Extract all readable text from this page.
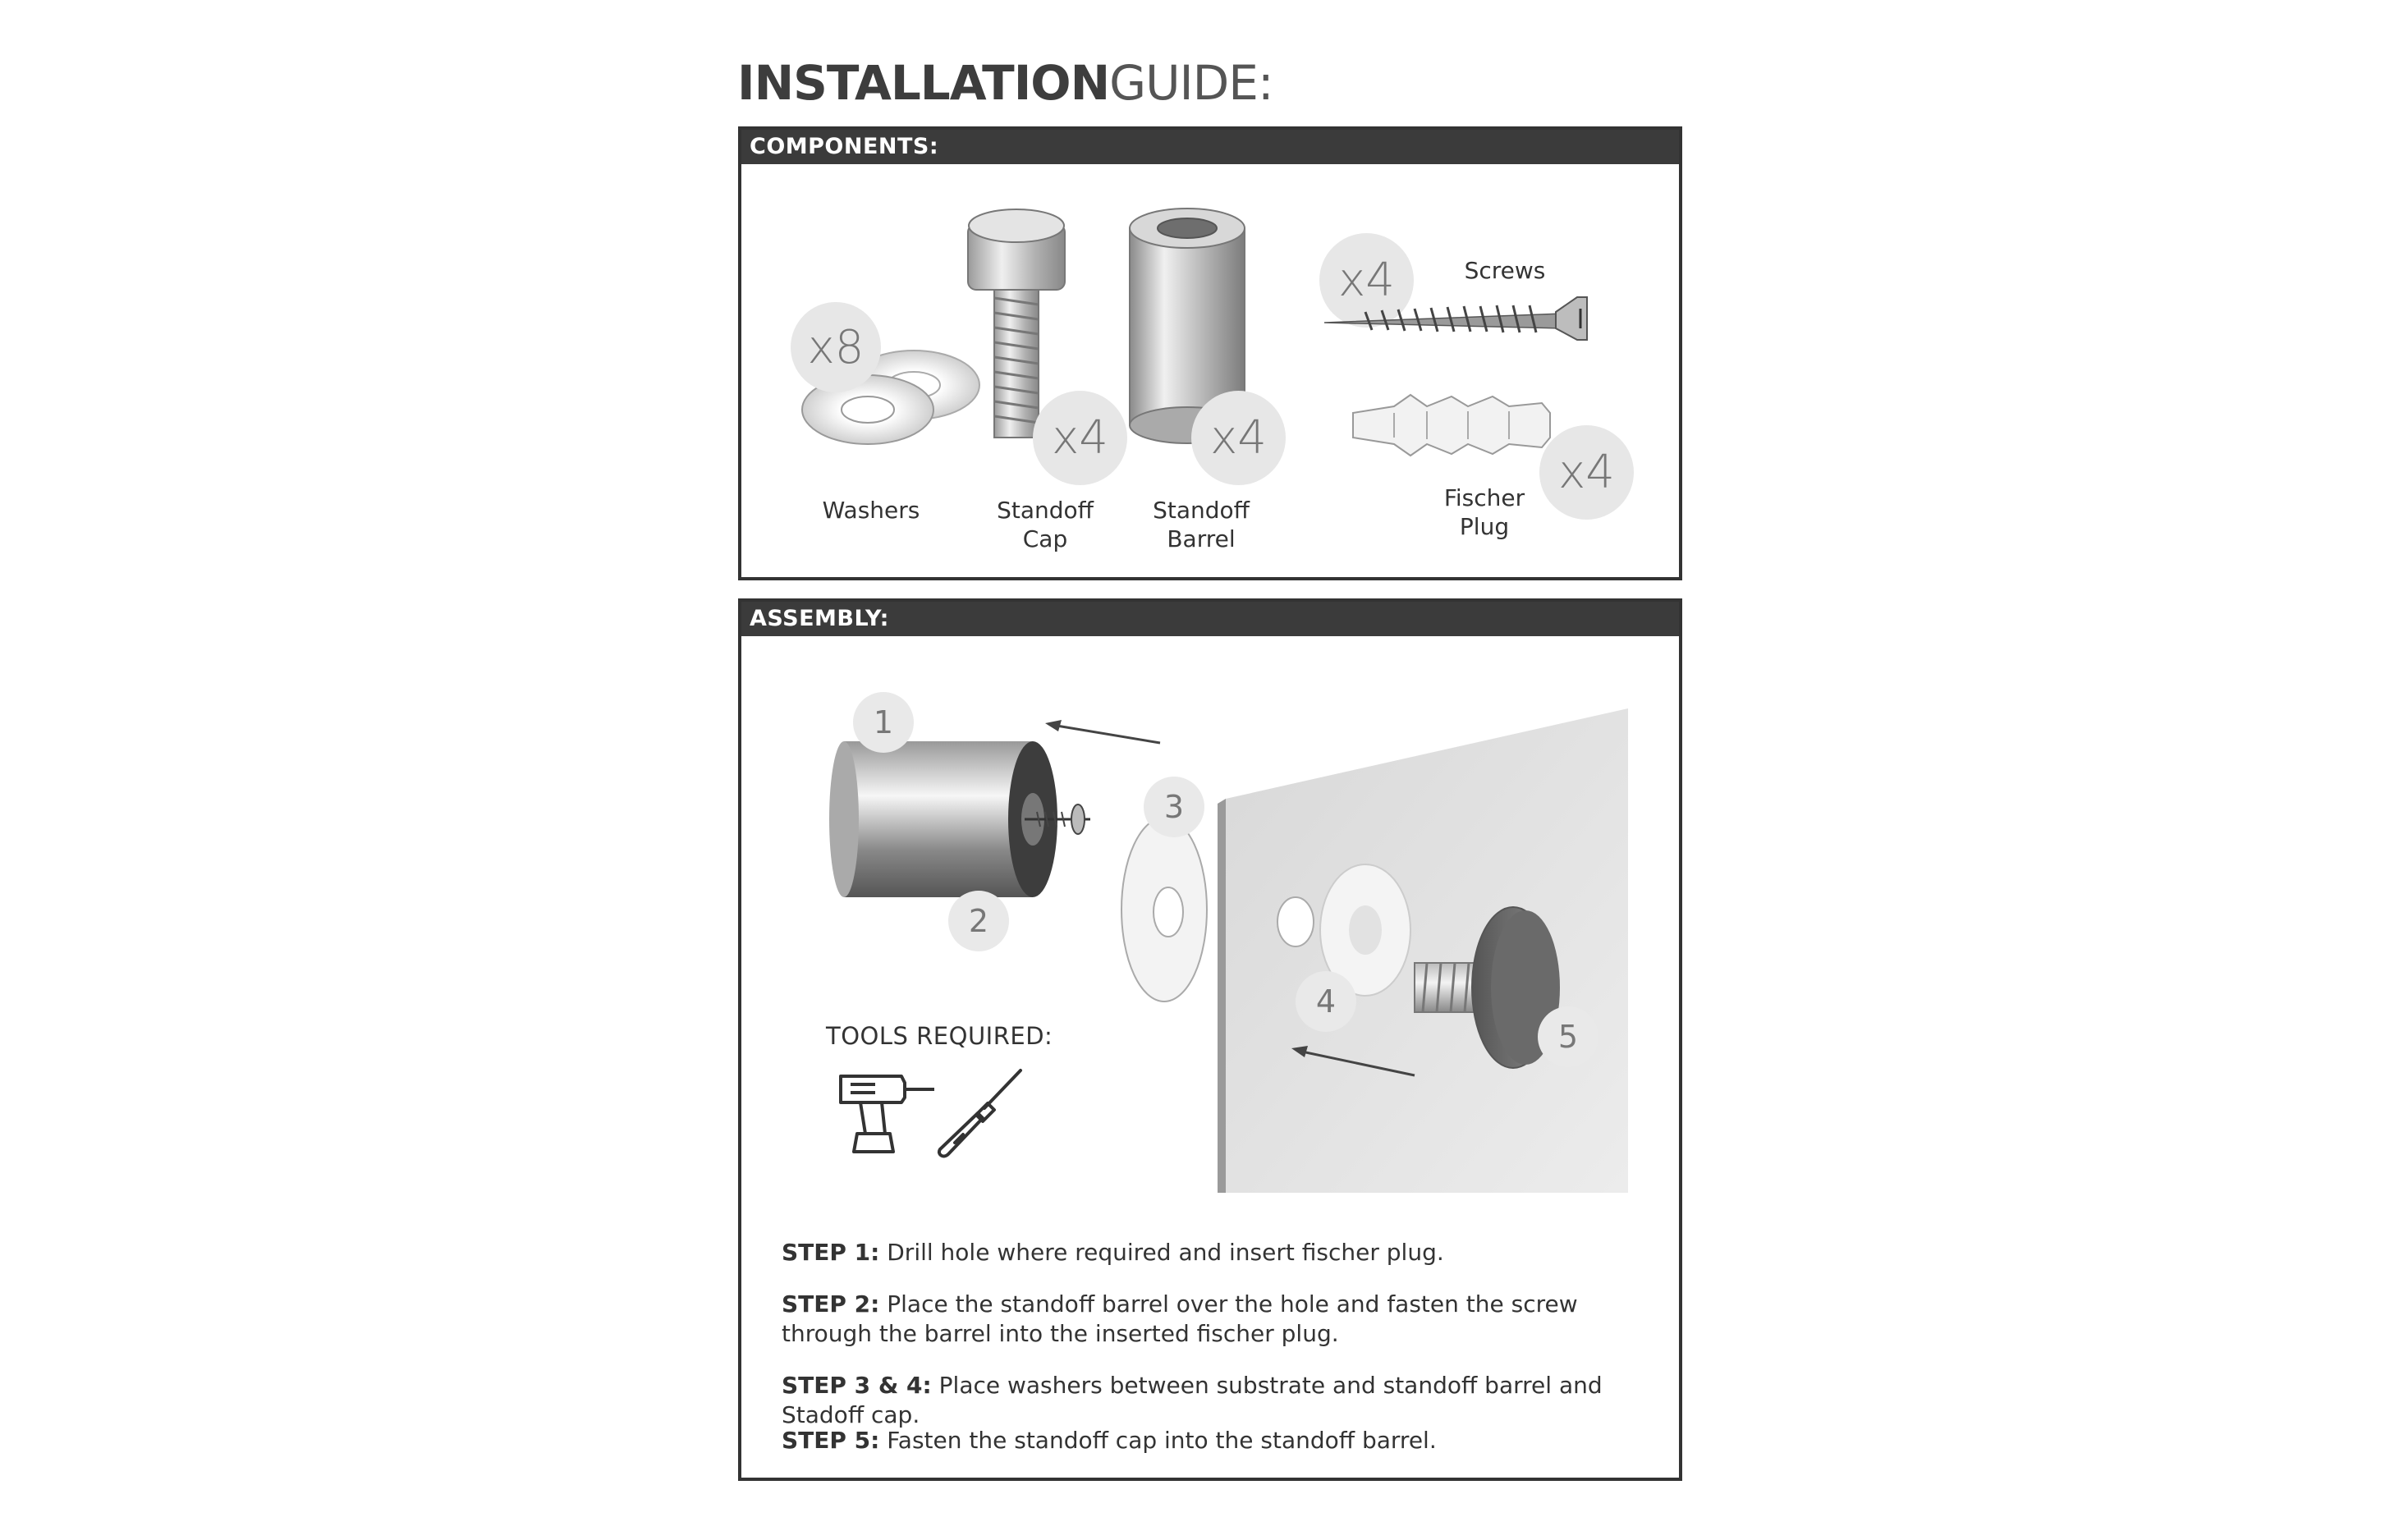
INSTALLATIONGUIDE:
COMPONENTS:
x8
Washers
x4
Standoff
Cap
x4
Standoff
Barrel
x4	Screws
x4
Fischer
Plug
ASSEMBLY:
1
2
3
4
5
TOOLS REQUIRED:
STEP 1: Drill hole where required and insert fischer plug.
STEP 2: Place the standoff barrel over the hole and fasten the screw through the barrel into the inserted fischer plug.
STEP 3 & 4: Place washers between substrate and standoff barrel and Stadoff cap.
STEP 5: Fasten the standoff cap into the standoff barrel.
